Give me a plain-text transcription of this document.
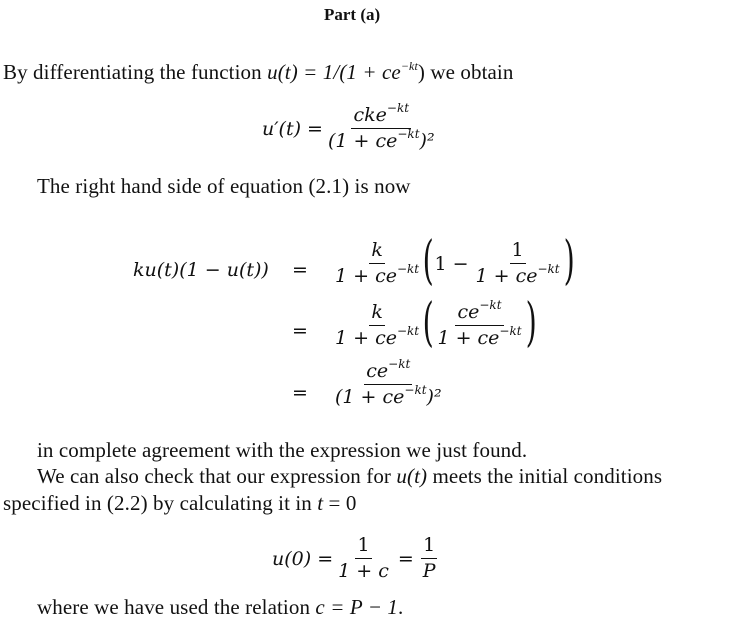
Part (a)
By differentiating the function $u(t) = 1/(1 + ce^{-kt})$ we obtain
$u'(t) = \frac{cke^{-kt}}{(1 + ce^{-kt})^2}$
The right hand side of equation (2.1) is now
ku(t)(1 − u(t)) =
=
=
$\frac{k}{1 + ce^{-kt}}$ ( $1 - \frac{1}{1 + ce^{-kt}}$ )
$\frac{k}{1 + ce^{-kt}}$ ( $\frac{ce^{-kt}}{1 + ce^{-kt}}$ )
$\frac{ce^{-kt}}{(1 + ce^{-kt})^2}$
in complete agreement with the expression we just found.
We can also check that our expression for u(t) meets the initial conditions
specified in (2.2) by calculating it in t = 0
$u(0) = \frac{1}{1 + c} = \frac{1}{P}$
where we have used the relation c = P − 1.
